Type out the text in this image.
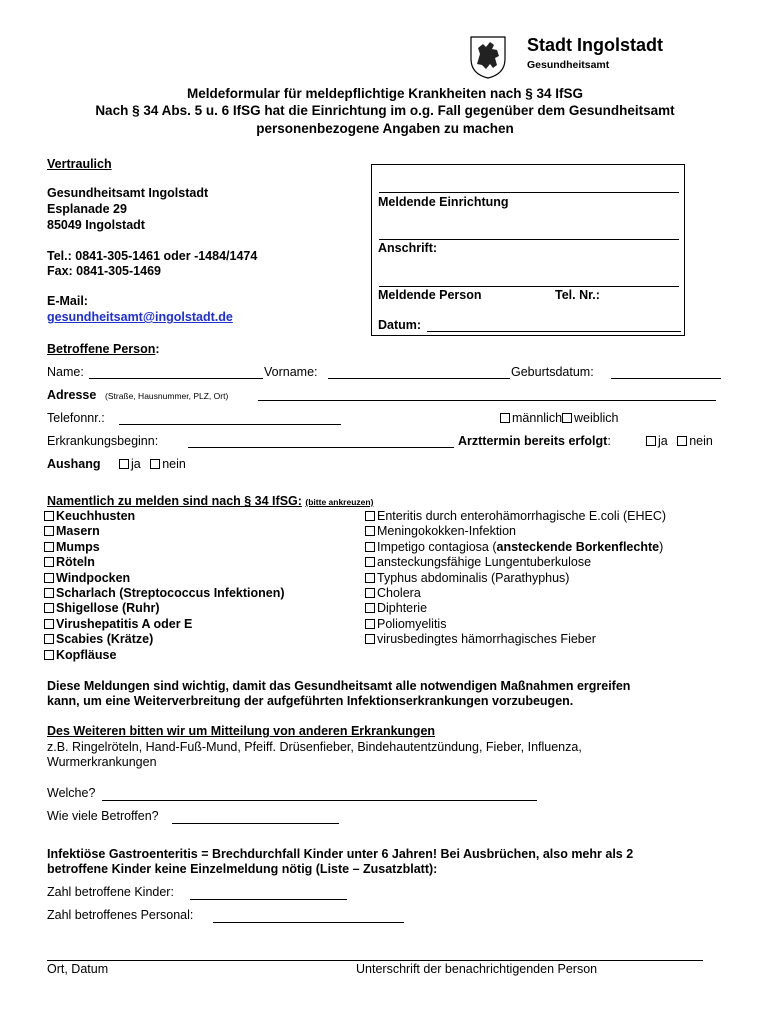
Stadt Ingolstadt
Gesundheitsamt
Meldeformular für meldepflichtige Krankheiten nach § 34 IfSG
Nach § 34 Abs. 5 u. 6 IfSG hat die Einrichtung im o.g. Fall gegenüber dem Gesundheitsamt
personenbezogene Angaben zu machen
Vertraulich
Gesundheitsamt Ingolstadt
Esplanade 29
85049 Ingolstadt
Tel.: 0841-305-1461 oder -1484/1474
Fax: 0841-305-1469
E-Mail:
gesundheitsamt@ingolstadt.de
Meldende Einrichtung
Anschrift:
Meldende Person	Tel. Nr.:
Datum:
Betroffene Person:
Name:	Vorname:	Geburtsdatum:
Adresse (Straße, Hausnummer, PLZ, Ort)
Telefonnr.:	männlich weiblich
Erkrankungsbeginn:	Arzttermin bereits erfolgt:	ja nein
Aushang	ja nein
Namentlich zu melden sind nach § 34 IfSG: (bitte ankreuzen)
Keuchhusten
Masern
Mumps
Röteln
Windpocken
Scharlach (Streptococcus Infektionen)
Shigellose (Ruhr)
Virushepatitis A oder E
Scabies (Krätze)
Kopfläuse
Enteritis durch enterohämorrhagische E.coli (EHEC)
Meningokokken-Infektion
Impetigo contagiosa (ansteckende Borkenflechte)
ansteckungsfähige Lungentuberkulose
Typhus abdominalis (Parathyphus)
Cholera
Diphterie
Poliomyelitis
virusbedingtes hämorrhagisches Fieber
Diese Meldungen sind wichtig, damit das Gesundheitsamt alle notwendigen Maßnahmen ergreifen
kann, um eine Weiterverbreitung der aufgeführten Infektionserkrankungen vorzubeugen.
Des Weiteren bitten wir um Mitteilung von anderen Erkrankungen
z.B. Ringelröteln, Hand-Fuß-Mund, Pfeiff. Drüsenfieber, Bindehautentzündung, Fieber, Influenza,
Wurmerkrankungen
Welche?
Wie viele Betroffen?
Infektiöse Gastroenteritis = Brechdurchfall Kinder unter 6 Jahren! Bei Ausbrüchen, also mehr als 2
betroffene Kinder keine Einzelmeldung nötig (Liste – Zusatzblatt):
Zahl betroffene Kinder:
Zahl betroffenes Personal:
Ort, Datum	Unterschrift der benachrichtigenden Person
